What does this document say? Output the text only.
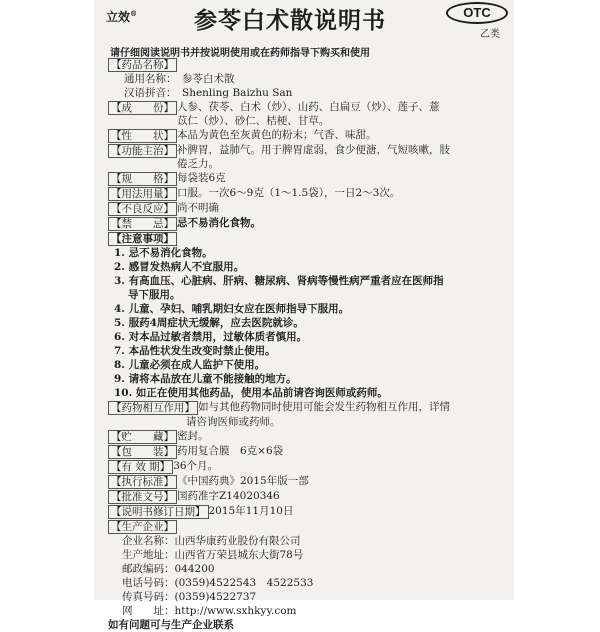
立效® 参苓白术散说明书	OTC
乙类
请仔细阅读说明书并按说明使用或在药师指导下购买和使用
【药品名称】
通用名称： 参苓白术散
汉语拼音： Shenling Baizhu San
【成　　份】 人参、茯苓、白术（炒）、山药、白扁豆（炒）、莲子、薏
苡仁（炒）、砂仁、桔梗、甘草。
【性　　状】 本品为黄色至灰黄色的粉末；气香、味甜。
【功能主治】 补脾胃，益肺气。用于脾胃虚弱，食少便溏，气短咳嗽，肢
倦乏力。
【规　　格】 每袋装6克
【用法用量】 口服。一次6～9克（1～1.5袋），一日2～3次。
【不良反应】 尚不明确
【禁　　忌】 忌不易消化食物。
【注意事项】
1. 忌不易消化食物。
2. 感冒发热病人不宜服用。
3. 有高血压、心脏病、肝病、糖尿病、肾病等慢性病严重者应在医师指
导下服用。
4. 儿童、孕妇、哺乳期妇女应在医师指导下服用。
5. 服药4周症状无缓解，应去医院就诊。
6. 对本品过敏者禁用，过敏体质者慎用。
7. 本品性状发生改变时禁止使用。
8. 儿童必须在成人监护下使用。
9. 请将本品放在儿童不能接触的地方。
10. 如正在使用其他药品，使用本品前请咨询医师或药师。
【药物相互作用】 如与其他药物同时使用可能会发生药物相互作用，详情
请咨询医师或药师。
【贮　　藏】 密封。
【包　　装】 药用复合膜　6克×6袋
【有 效 期】 36个月。
【执行标准】 《中国药典》2015年版一部
【批准文号】 国药准字Z14020346
【说明书修订日期】 2015年11月10日
【生产企业】
企业名称： 山西华康药业股份有限公司
生产地址： 山西省万荣县城东大街78号
邮政编码： 044200
电话号码： (0359)4522543　4522533
传真号码： (0359)4522737
网　　址： http://www.sxhkyy.com
如有问题可与生产企业联系
